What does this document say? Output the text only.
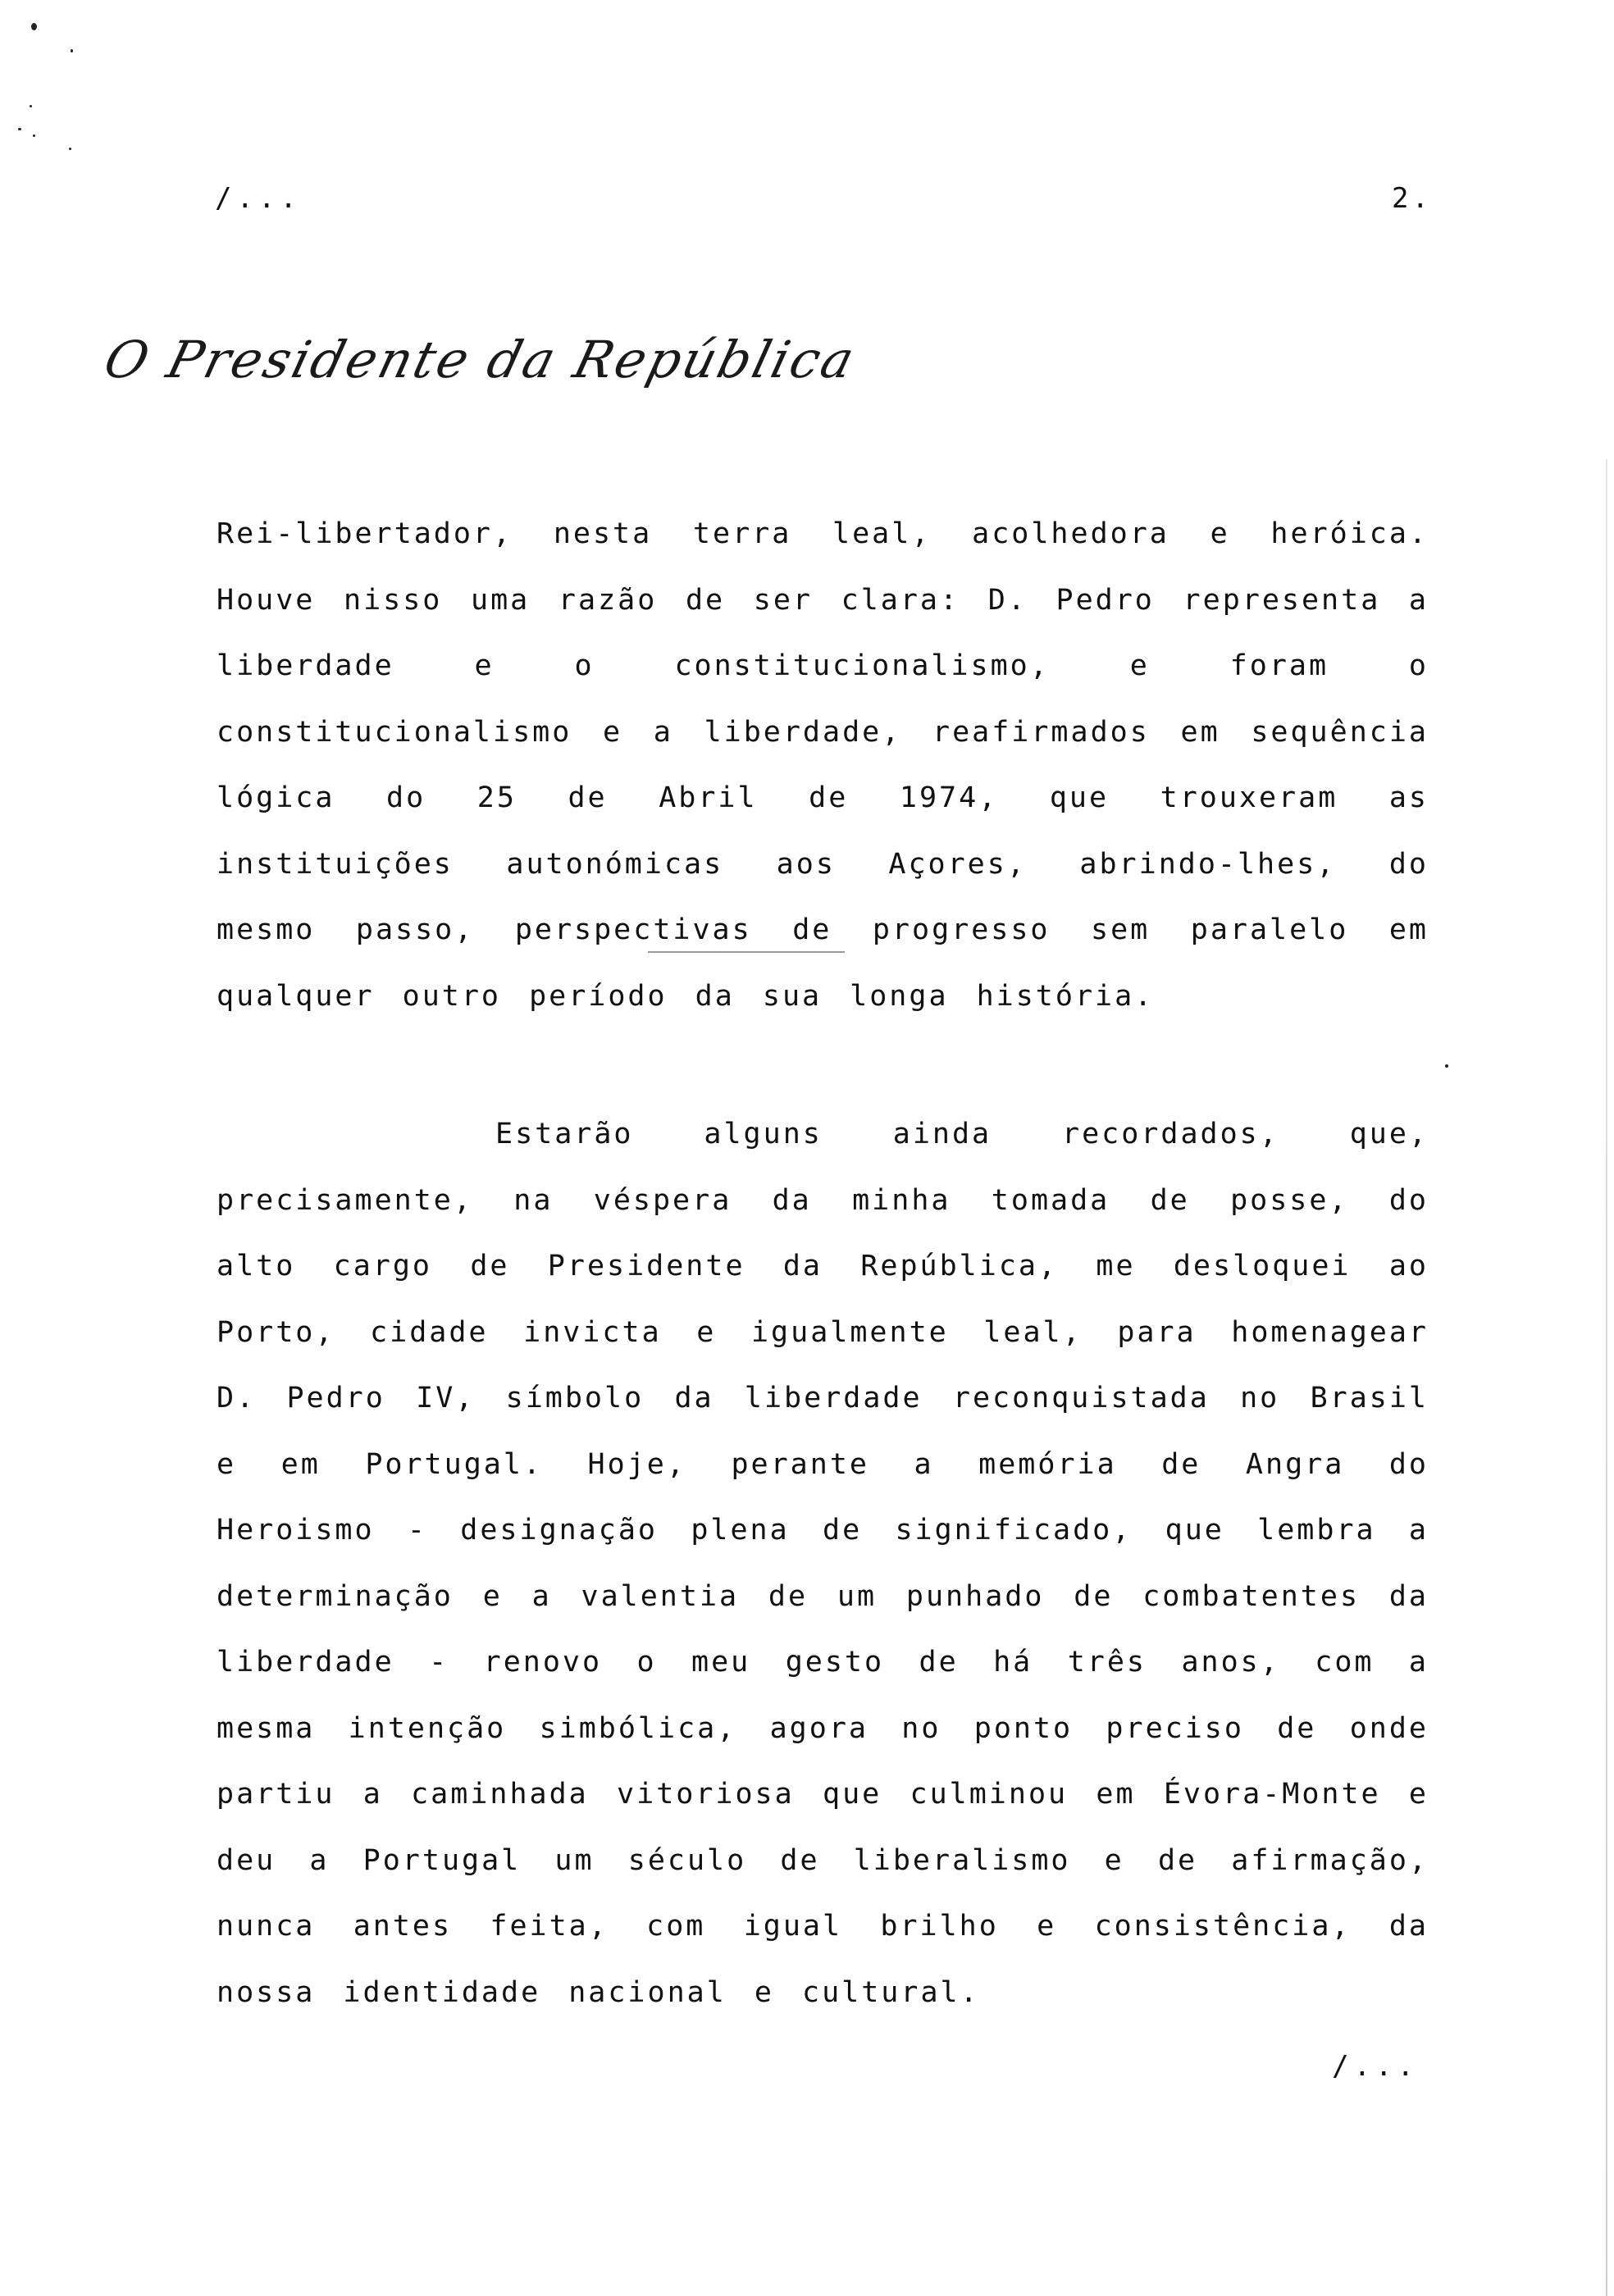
/...	2.
O Presidente da República
Rei-libertador, nesta terra leal, acolhedora e heróica. Houve nisso uma razão de ser clara: D. Pedro representa a liberdade e o constitucionalismo, e foram o constitucionalismo e a liberdade, reafirmados em sequência lógica do 25 de Abril de 1974, que trouxeram as instituições autonómicas aos Açores, abrindo-lhes, do mesmo passo, perspectivas de progresso sem paralelo em qualquer outro período da sua longa história.
Estarão alguns ainda recordados, que, precisamente, na véspera da minha tomada de posse, do alto cargo de Presidente da República, me desloquei ao Porto, cidade invicta e igualmente leal, para homenagear D. Pedro IV, símbolo da liberdade reconquistada no Brasil e em Portugal. Hoje, perante a memória de Angra do Heroismo - designação plena de significado, que lembra a determinação e a valentia de um punhado de combatentes da liberdade - renovo o meu gesto de há três anos, com a mesma intenção simbólica, agora no ponto preciso de onde partiu a caminhada vitoriosa que culminou em Évora-Monte e deu a Portugal um século de liberalismo e de afirmação, nunca antes feita, com igual brilho e consistência, da nossa identidade nacional e cultural.
/...
